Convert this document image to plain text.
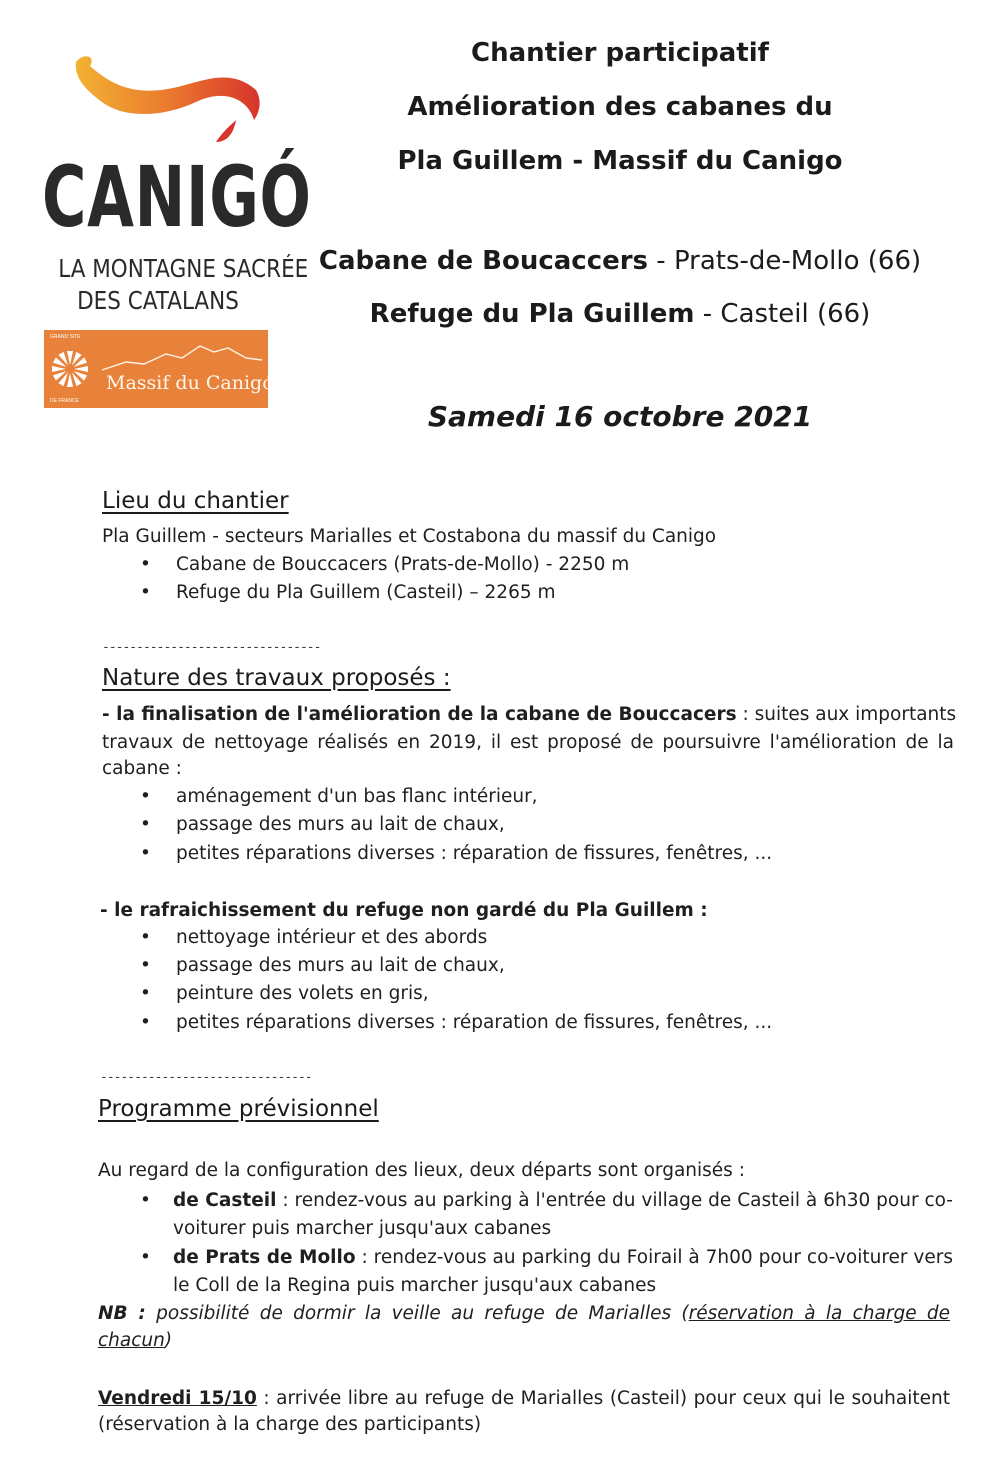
CANIGÓ
LA MONTAGNE SACRÉE
DES CATALANS
GRAND SITE
DE FRANCE
Massif du Canigó
Chantier participatif
Amélioration des cabanes du
Pla Guillem - Massif du Canigo
Cabane de Boucaccers - Prats-de-Mollo (66)
Refuge du Pla Guillem - Casteil (66)
Samedi 16 octobre 2021
Lieu du chantier
Pla Guillem - secteurs Marialles et Costabona du massif du Canigo
• Cabane de Bouccacers (Prats-de-Mollo) - 2250 m
• Refuge du Pla Guillem (Casteil) – 2265 m
--------------------------------
Nature des travaux proposés :
- la finalisation de l'amélioration de la cabane de Bouccacers : suites aux importants
travaux de nettoyage réalisés en 2019, il est proposé de poursuivre l'amélioration de la
cabane :
• aménagement d'un bas flanc intérieur,
• passage des murs au lait de chaux,
• petites réparations diverses : réparation de fissures, fenêtres, ...
- le rafraichissement du refuge non gardé du Pla Guillem :
• nettoyage intérieur et des abords
• passage des murs au lait de chaux,
• peinture des volets en gris,
• petites réparations diverses : réparation de fissures, fenêtres, ...
-------------------------------
Programme prévisionnel
Au regard de la configuration des lieux, deux départs sont organisés :
• de Casteil : rendez-vous au parking à l'entrée du village de Casteil à 6h30 pour co-
voiturer puis marcher jusqu'aux cabanes
• de Prats de Mollo : rendez-vous au parking du Foirail à 7h00 pour co-voiturer vers
le Coll de la Regina puis marcher jusqu'aux cabanes
NB : possibilité de dormir la veille au refuge de Marialles (réservation à la charge de
chacun)
Vendredi 15/10 : arrivée libre au refuge de Marialles (Casteil) pour ceux qui le souhaitent
(réservation à la charge des participants)
